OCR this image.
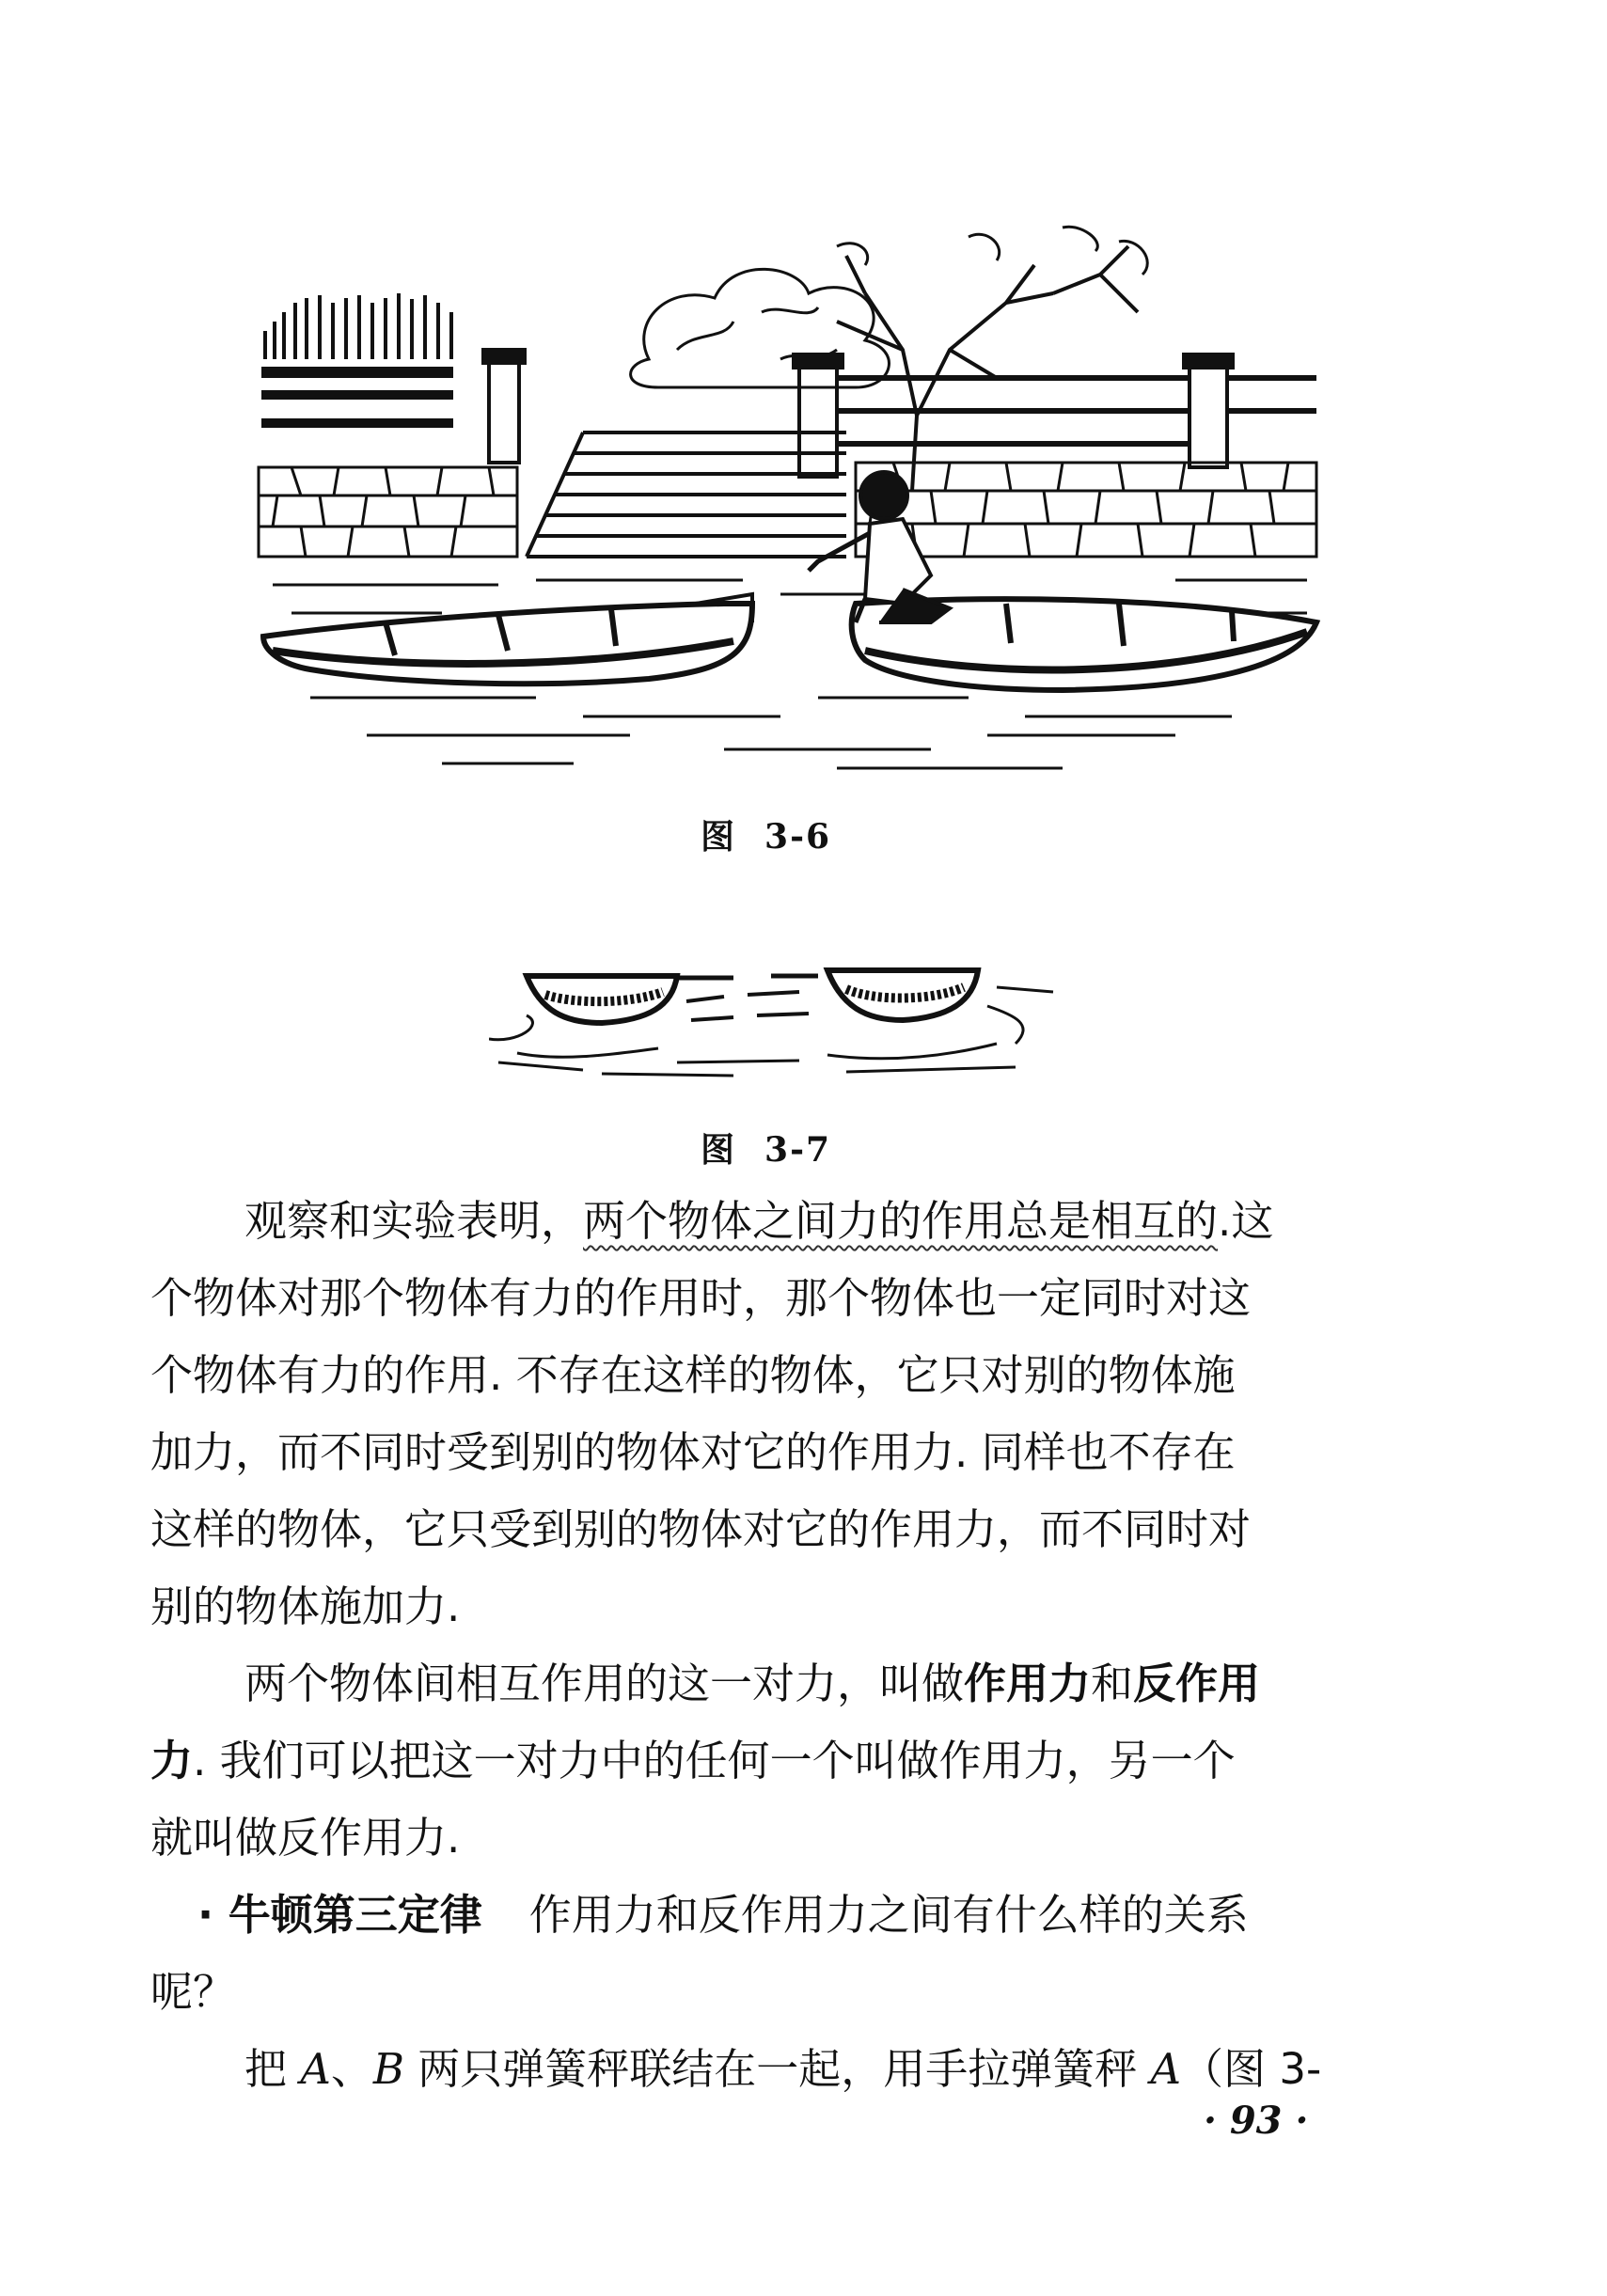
图 3-6
图 3-7
观察和实验表明，两个物体之间力的作用总是相互的.这
个物体对那个物体有力的作用时，那个物体也一定同时对这
个物体有力的作用. 不存在这样的物体，它只对别的物体施
加力，而不同时受到别的物体对它的作用力. 同样也不存在
这样的物体，它只受到别的物体对它的作用力，而不同时对
别的物体施加力.
两个物体间相互作用的这一对力，叫做作用力和反作用
力. 我们可以把这一对力中的任何一个叫做作用力，另一个
就叫做反作用力.
· 牛顿第三定律 作用力和反作用力之间有什么样的关系
呢？
把 A、B 两只弹簧秤联结在一起，用手拉弹簧秤 A（图 3-
· 93 ·
